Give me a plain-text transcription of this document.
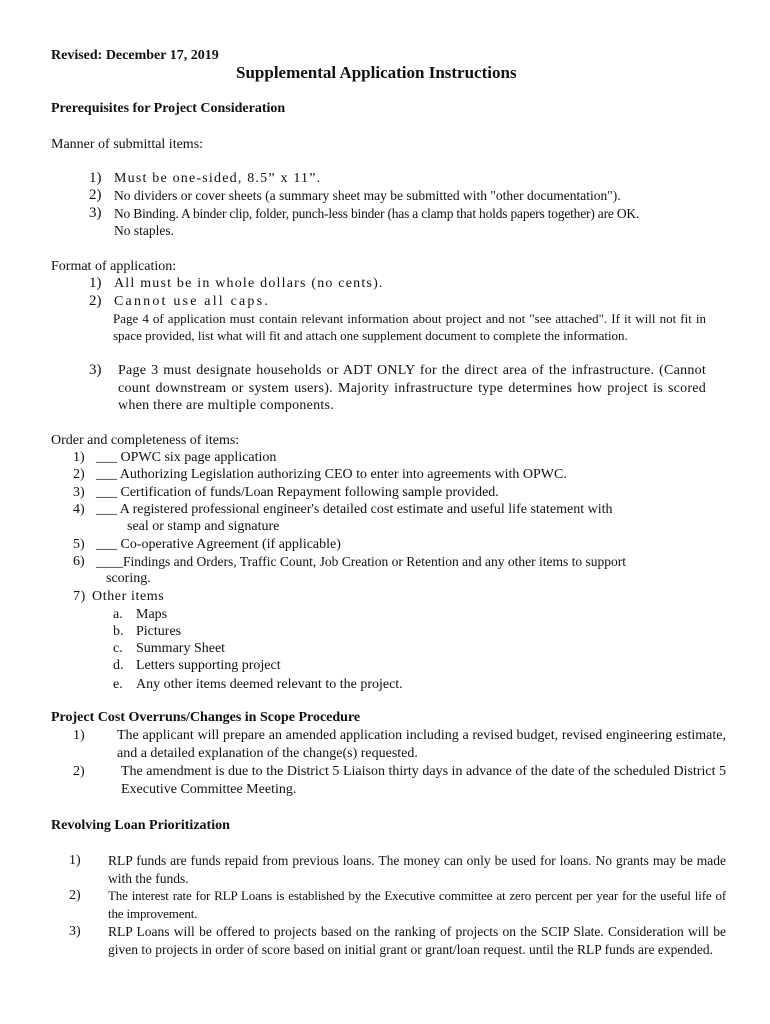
Revised: December 17, 2019
Supplemental Application Instructions
Prerequisites for Project Consideration
Manner of submittal items:
1) Must be one-sided, 8.5” x 11”.
2) No dividers or cover sheets (a summary sheet may be submitted with "other documentation").
3) No Binding. A binder clip, folder, punch-less binder (has a clamp that holds papers together) are OK.
No staples.
Format of application:
1) All must be in whole dollars (no cents).
2) Cannot use all caps.
Page 4 of application must contain relevant information about project and not "see attached". If it will not fit in space provided, list what will fit and attach one supplement document to complete the information.
3) Page 3 must designate households or ADT ONLY for the direct area of the infrastructure. (Cannot count downstream or system users). Majority infrastructure type determines how project is scored when there are multiple components.
Order and completeness of items:
1) ___ OPWC six page application
2) ___ Authorizing Legislation authorizing CEO to enter into agreements with OPWC.
3) ___ Certification of funds/Loan Repayment following sample provided.
4) ___ A registered professional engineer's detailed cost estimate and useful life statement with
seal or stamp and signature
5) ___ Co-operative Agreement (if applicable)
6) ____Findings and Orders, Traffic Count, Job Creation or Retention and any other items to support
scoring.
7) Other items
a. Maps
b. Pictures
c. Summary Sheet
d. Letters supporting project
e. Any other items deemed relevant to the project.
Project Cost Overruns/Changes in Scope Procedure
1) The applicant will prepare an amended application including a revised budget, revised engineering estimate, and a detailed explanation of the change(s) requested.
2)	The amendment is due to the District 5 Liaison thirty days in advance of the date of the scheduled District 5 Executive Committee Meeting.
Revolving Loan Prioritization
1) RLP funds are funds repaid from previous loans. The money can only be used for loans. No grants may be made with the funds.
2) The interest rate for RLP Loans is established by the Executive committee at zero percent per year for the useful life of the improvement.
3) RLP Loans will be offered to projects based on the ranking of projects on the SCIP Slate. Consideration will be given to projects in order of score based on initial grant or grant/loan request. until the RLP funds are expended.
